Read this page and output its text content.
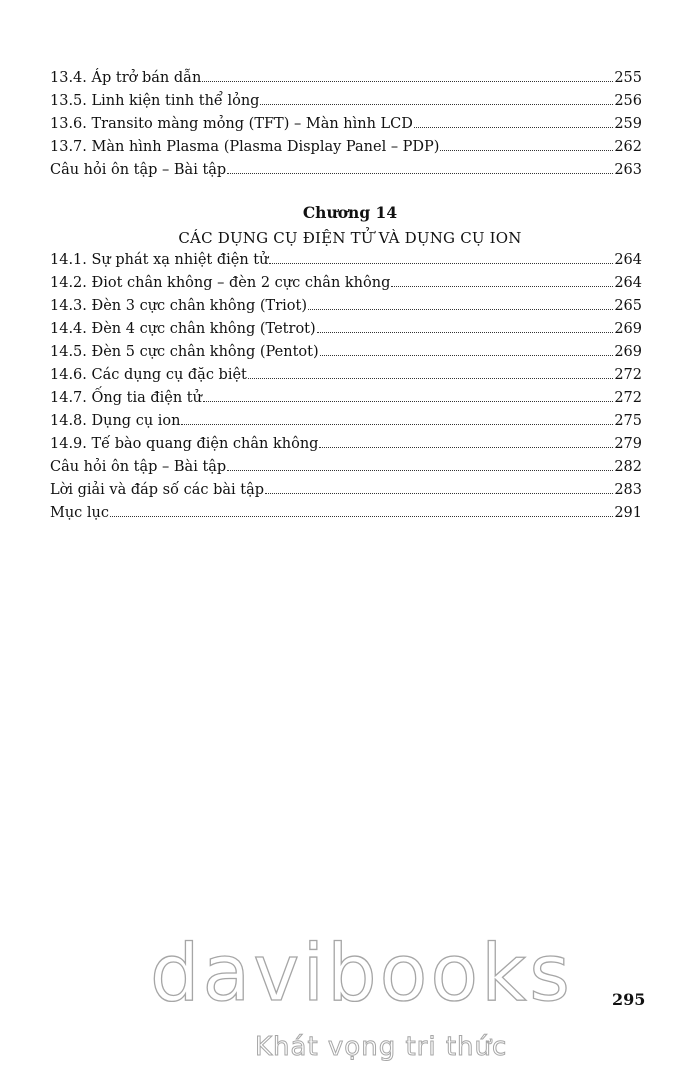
13.4. Áp trở bán dẫn	255
13.5. Linh kiện tinh thể lỏng	256
13.6. Transito màng mỏng (TFT) – Màn hình LCD	259
13.7. Màn hình Plasma (Plasma Display Panel – PDP)	262
Câu hỏi ôn tập – Bài tập	263
Chương 14
CÁC DỤNG CỤ ĐIỆN TỬ VÀ DỤNG CỤ ION
14.1. Sự phát xạ nhiệt điện tử	264
14.2. Điot chân không – đèn 2 cực chân không	264
14.3. Đèn 3 cực chân không (Triot)	265
14.4. Đèn 4 cực chân không (Tetrot)	269
14.5. Đèn 5 cực chân không (Pentot)	269
14.6. Các dụng cụ đặc biệt	272
14.7. Ống tia điện tử	272
14.8. Dụng cụ ion	275
14.9. Tế bào quang điện chân không	279
Câu hỏi ôn tập – Bài tập	282
Lời giải và đáp số các bài tập	283
Mục lục	291
davibooks
Khát vọng tri thức
295
